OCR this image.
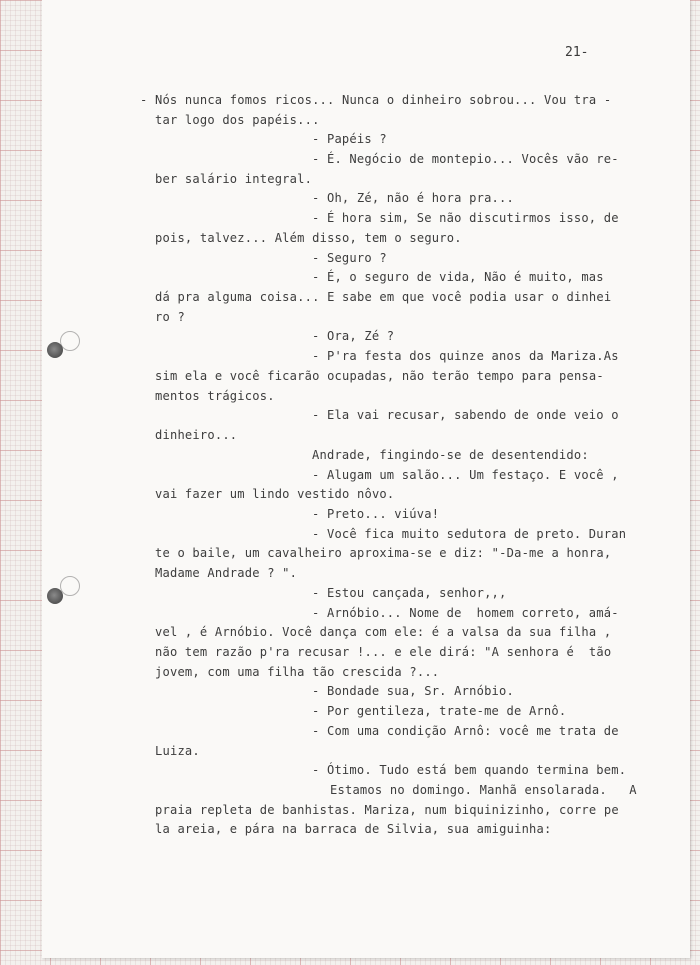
21-

- Nós nunca fomos ricos... Nunca o dinheiro sobrou... Vou tra -

tar logo dos papéis...

- Papéis ?

- É. Negócio de montepio... Vocês vão re-

ber salário integral.

- Oh, Zé, não é hora pra...

- É hora sim, Se não discutirmos isso, de

pois, talvez... Além disso, tem o seguro.

- Seguro ?

- É, o seguro de vida, Não é muito, mas

dá pra alguma coisa... E sabe em que você podia usar o dinhei

ro ?

- Ora, Zé ?

- P'ra festa dos quinze anos da Mariza.As

sim ela e você ficarão ocupadas, não terão tempo para pensa-

mentos trágicos.

- Ela vai recusar, sabendo de onde veio o

dinheiro...

Andrade, fingindo-se de desentendido:

- Alugam um salão... Um festaço. E você ,

vai fazer um lindo vestido nôvo.

- Preto... viúva!

- Você fica muito sedutora de preto. Duran

te o baile, um cavalheiro aproxima-se e diz: "-Da-me a honra,

Madame Andrade ? ".

- Estou cançada, senhor,,,

- Arnóbio... Nome de  homem correto, amá-

vel , é Arnóbio. Você dança com ele: é a valsa da sua filha ,

não tem razão p'ra recusar !... e ele dirá: "A senhora é  tão

jovem, com uma filha tão crescida ?...

- Bondade sua, Sr. Arnóbio.

- Por gentileza, trate-me de Arnô.

- Com uma condição Arnô: você me trata de

Luiza.

- Ótimo. Tudo está bem quando termina bem.

Estamos no domingo. Manhã ensolarada.   A

praia repleta de banhistas. Mariza, num biquinizinho, corre pe

la areia, e pára na barraca de Silvia, sua amiguinha:
